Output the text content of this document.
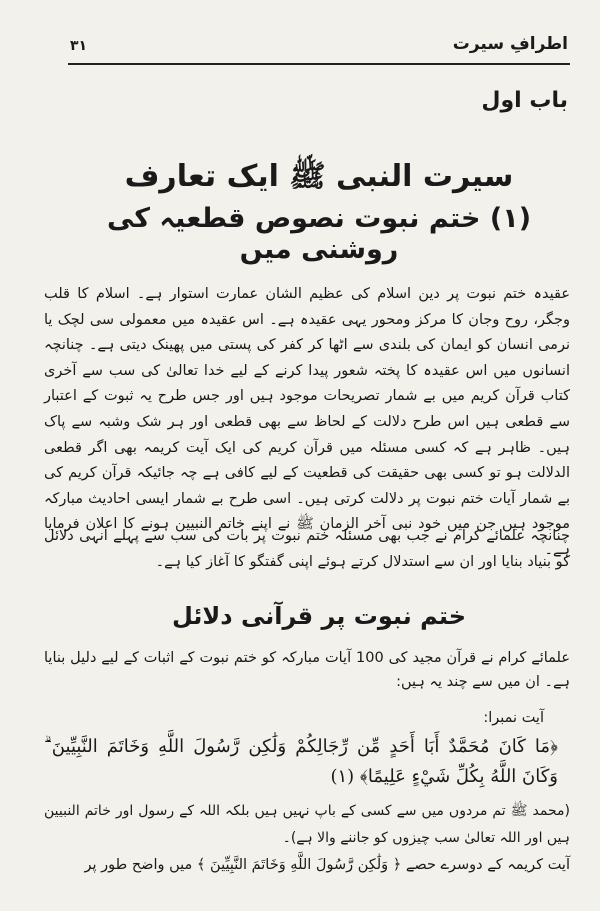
اطرافِ سیرت
۳۱
باب اول
سیرت النبی ﷺ ایک تعارف
(۱) ختم نبوت نصوص قطعیہ کی روشنی میں
عقیدہ ختم نبوت پر دین اسلام کی عظیم الشان عمارت استوار ہے۔ اسلام کا قلب وجگر، روح وجان کا مرکز ومحور یہی عقیدہ ہے۔ اس عقیدہ میں معمولی سی لچک یا نرمی انسان کو ایمان کی بلندی سے اٹھا کر کفر کی پستی میں پھینک دیتی ہے۔ چنانچہ انسانوں میں اس عقیدہ کا پختہ شعور پیدا کرنے کے لیے خدا تعالیٰ کی سب سے آخری کتاب قرآن کریم میں بے شمار تصریحات موجود ہیں اور جس طرح یہ ثبوت کے اعتبار سے قطعی ہیں اس طرح دلالت کے لحاظ سے بھی قطعی اور ہر شک وشبہ سے پاک ہیں۔ ظاہر ہے کہ کسی مسئلہ میں قرآن کریم کی ایک آیت کریمہ بھی اگر قطعی الدلالت ہو تو کسی بھی حقیقت کی قطعیت کے لیے کافی ہے چہ جائیکہ قرآن کریم کی بے شمار آیات ختم نبوت پر دلالت کرتی ہیں۔ اسی طرح بے شمار ایسی احادیث مبارکہ موجود ہیں جن میں خود نبی آخر الزمان ﷺ نے اپنے خاتم النبیین ہونے کا اعلان فرمایا ہے۔
چنانچہ علمائے کرام نے جب بھی مسئلہ ختم نبوت پر بات کی سب سے پہلے انہی دلائل کو بنیاد بنایا اور ان سے استدلال کرتے ہوئے اپنی گفتگو کا آغاز کیا ہے۔
ختم نبوت پر قرآنی دلائل
علمائے کرام نے قرآن مجید کی 100 آیات مبارکہ کو ختم نبوت کے اثبات کے لیے دلیل بنایا ہے۔ ان میں سے چند یہ ہیں:
آیت نمبرا:
﴿مَا كَانَ مُحَمَّدٌ أَبَا أَحَدٍ مِّن رِّجَالِكُمْ وَلَٰكِن رَّسُولَ اللَّهِ وَخَاتَمَ النَّبِيِّينَ ۗ وَكَانَ اللَّهُ بِكُلِّ شَيْءٍ عَلِيمًا﴾ (۱)
(محمد ﷺ تم مردوں میں سے کسی کے باپ نہیں ہیں بلکہ اللہ کے رسول اور خاتم النبیین ہیں اور اللہ تعالیٰ سب چیزوں کو جاننے والا ہے)۔
آیت کریمہ کے دوسرے حصے ﴿ وَلَٰكِن رَّسُولَ اللَّهِ وَخَاتَمَ النَّبِيِّينَ ﴾ میں واضح طور پر
